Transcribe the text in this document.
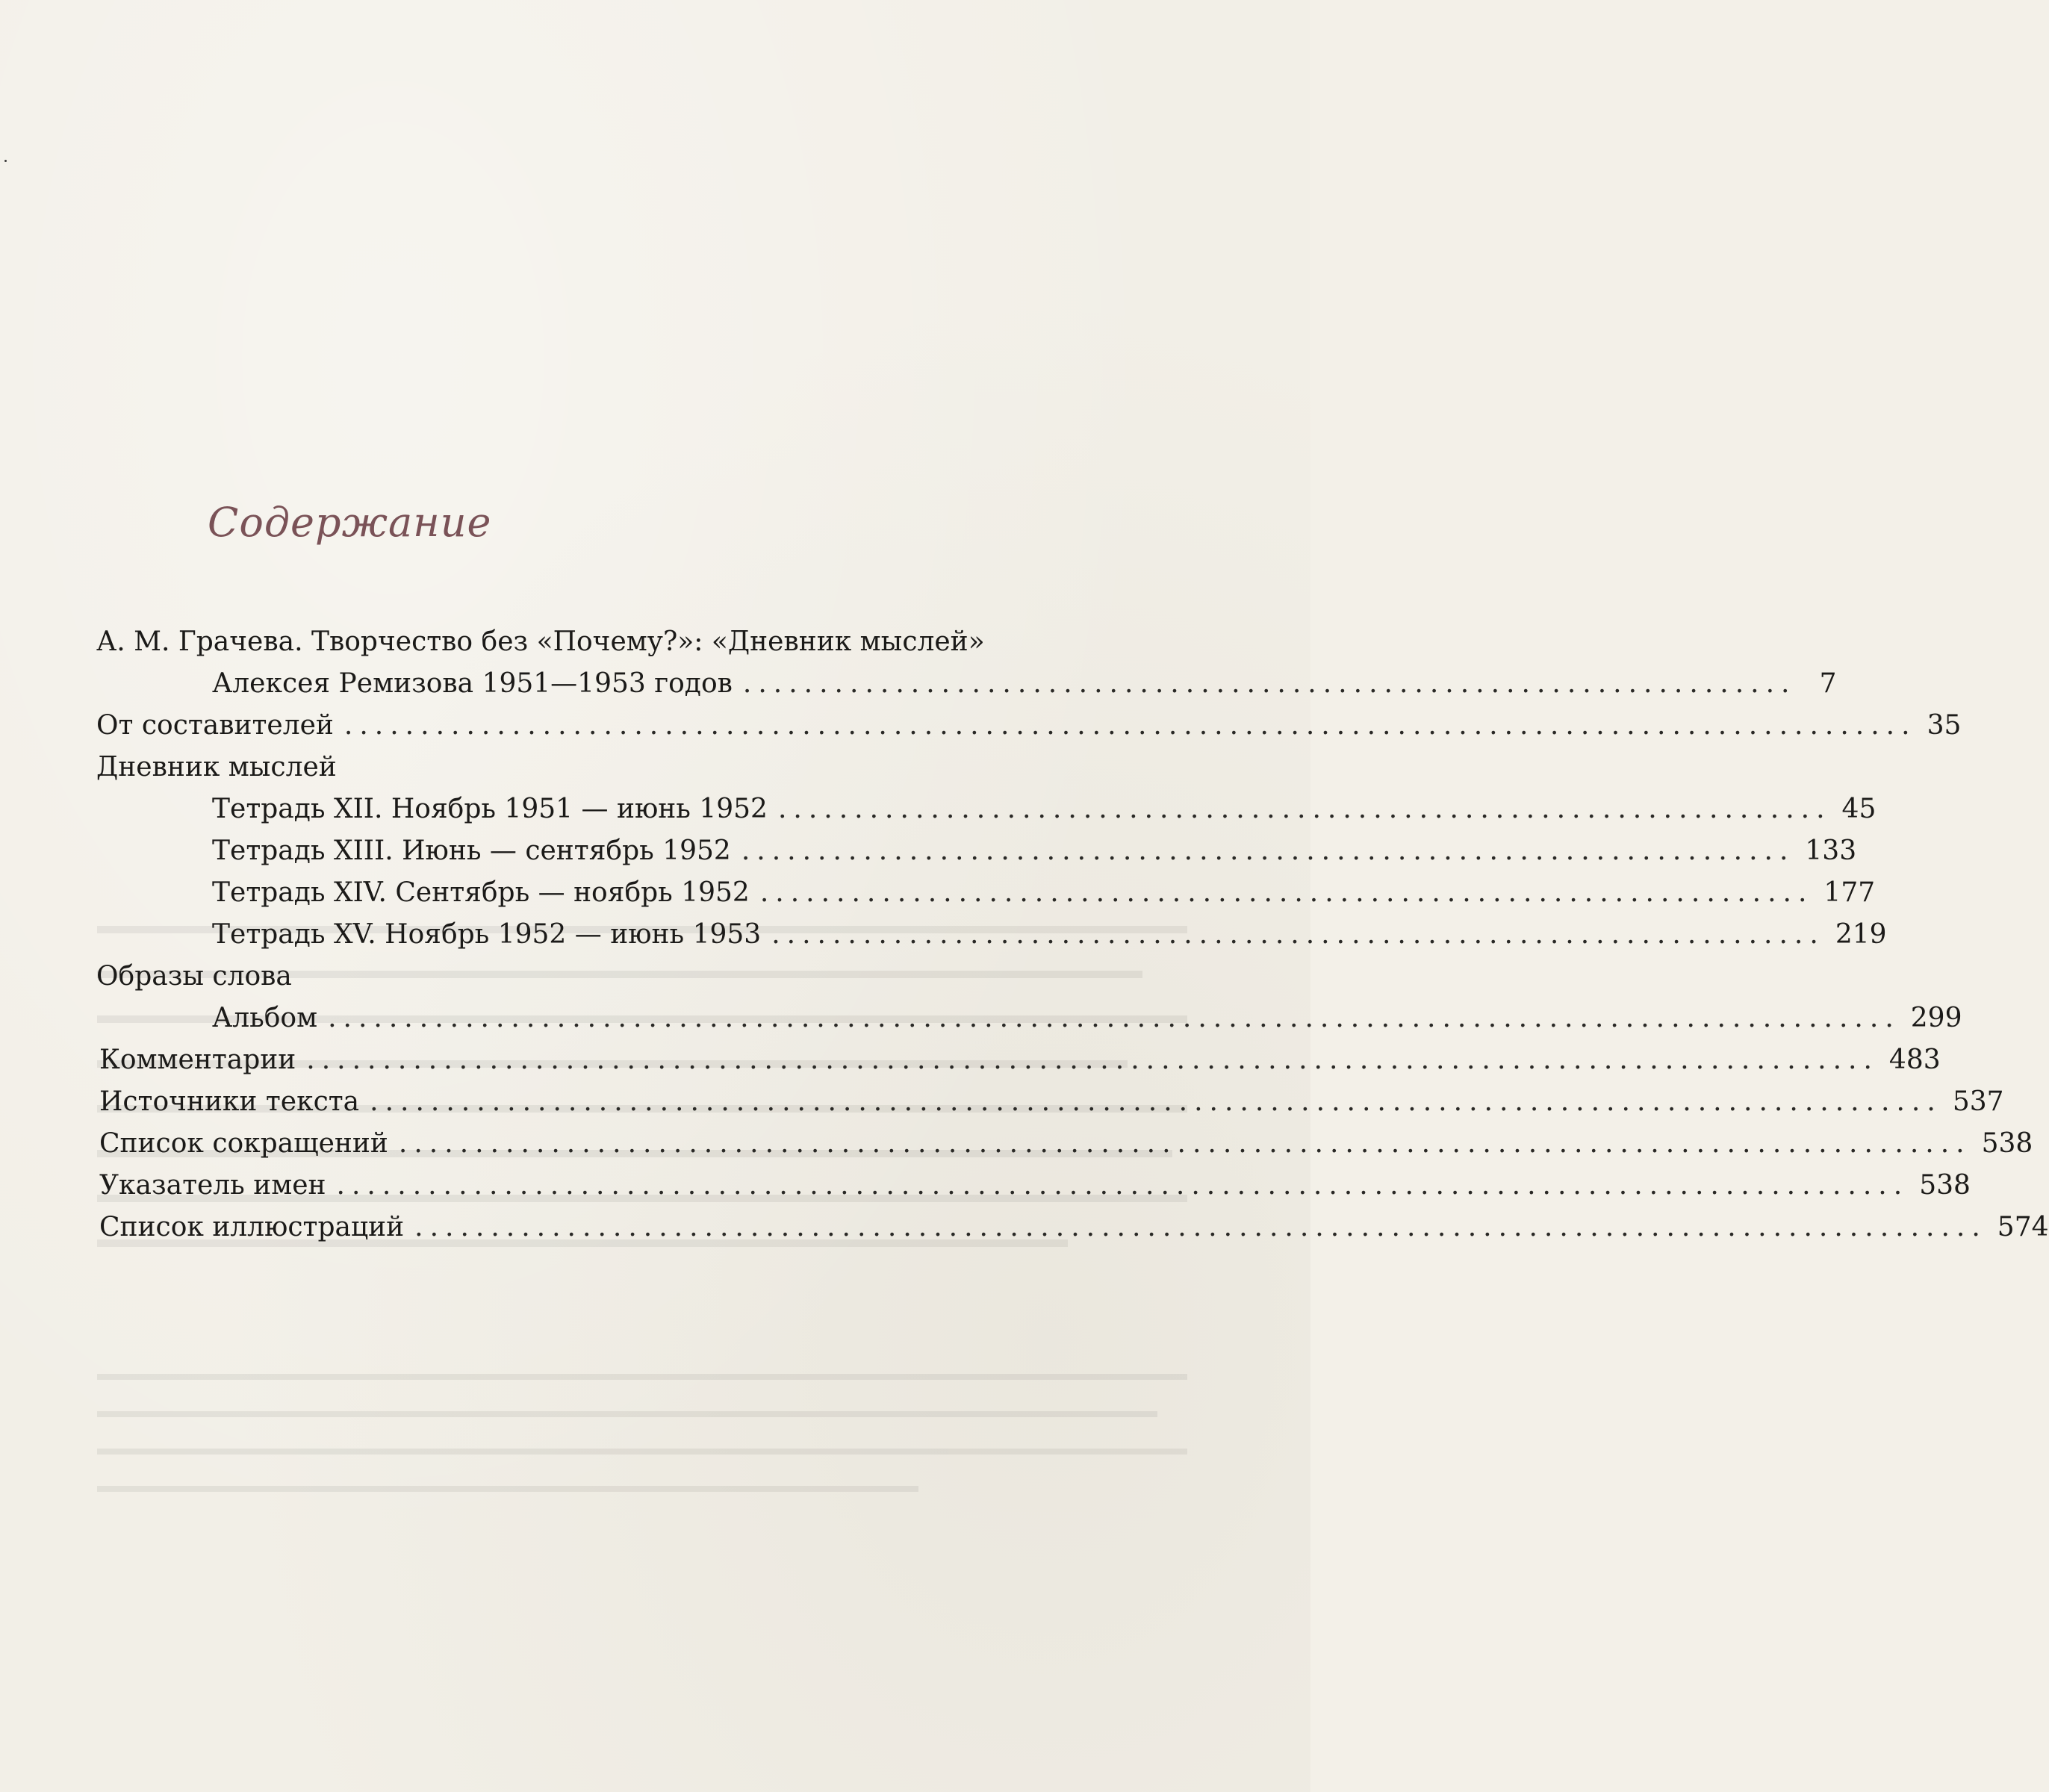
Содержание
А. М. Грачева. Творчество без «Почему?»: «Дневник мыслей»
Алексея Ремизова 1951—1953 годов ..................................................................... 7
От составителей ....................................................................................................... 35
Дневник мыслей
Тетрадь XII. Ноябрь 1951 — июнь 1952 ..................................................................... 45
Тетрадь XIII. Июнь — сентябрь 1952 ..................................................................... 133
Тетрадь XIV. Сентябрь — ноябрь 1952 ..................................................................... 177
Тетрадь XV. Ноябрь 1952 — июнь 1953 ..................................................................... 219
Образы слова
Альбом ....................................................................................................... 299
Комментарии ....................................................................................................... 483
Источники текста ....................................................................................................... 537
Список сокращений ....................................................................................................... 538
Указатель имен ....................................................................................................... 538
Список иллюстраций ....................................................................................................... 574
